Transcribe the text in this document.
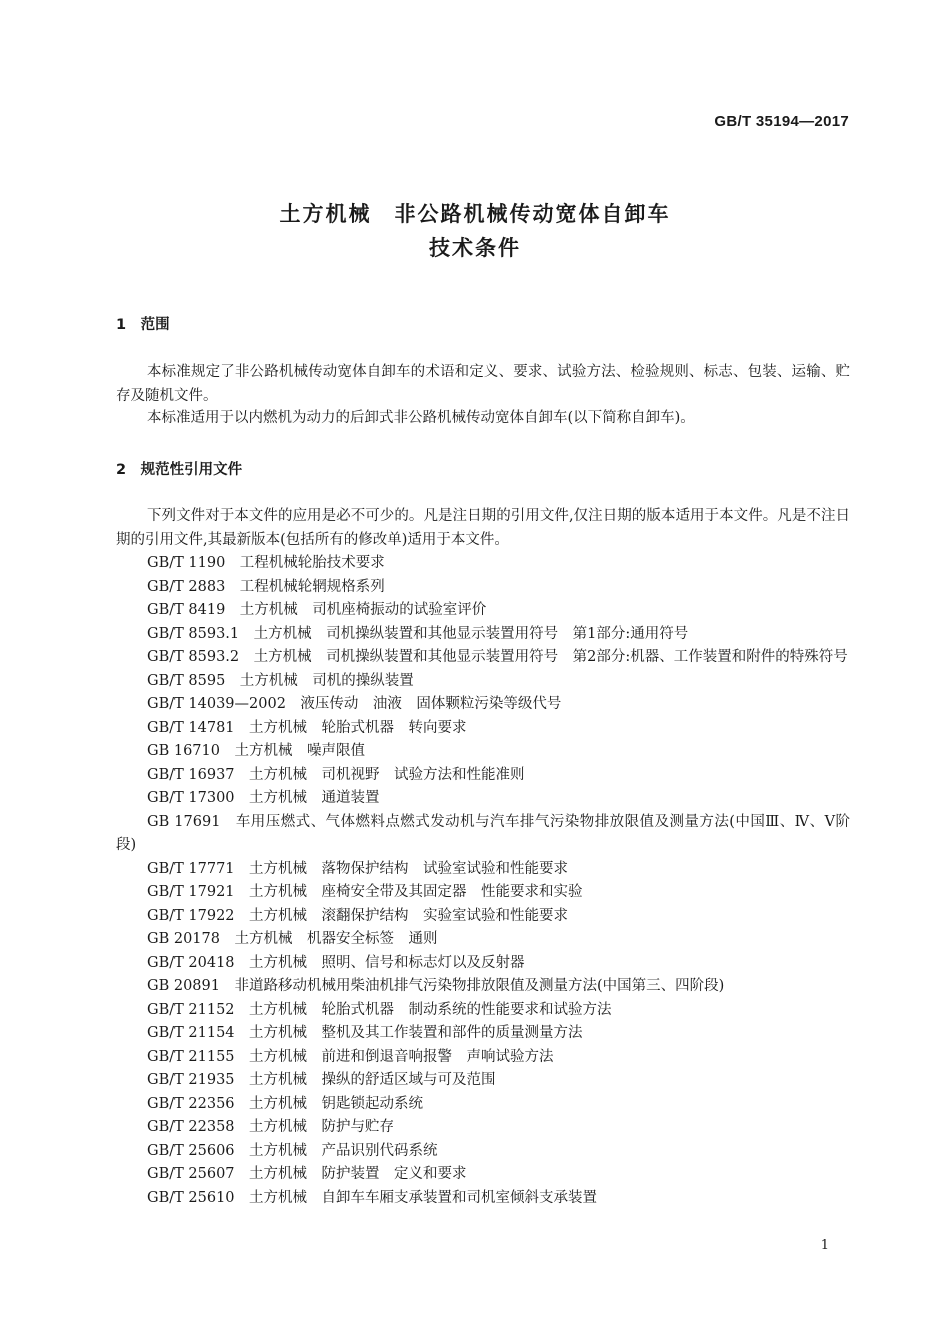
GB/T 35194—2017
土方机械　非公路机械传动宽体自卸车
技术条件
1　范围

本标准规定了非公路机械传动宽体自卸车的术语和定义、要求、试验方法、检验规则、标志、包装、运输、贮存及随机文件。

本标准适用于以内燃机为动力的后卸式非公路机械传动宽体自卸车(以下简称自卸车)。

2　规范性引用文件

下列文件对于本文件的应用是必不可少的。凡是注日期的引用文件,仅注日期的版本适用于本文件。凡是不注日期的引用文件,其最新版本(包括所有的修改单)适用于本文件。

GB/T 1190　工程机械轮胎技术要求

GB/T 2883　工程机械轮辋规格系列

GB/T 8419　土方机械　司机座椅振动的试验室评价

GB/T 8593.1　土方机械　司机操纵装置和其他显示装置用符号　第1部分:通用符号

GB/T 8593.2　土方机械　司机操纵装置和其他显示装置用符号　第2部分:机器、工作装置和附件的特殊符号

GB/T 8595　土方机械　司机的操纵装置

GB/T 14039—2002　液压传动　油液　固体颗粒污染等级代号

GB/T 14781　土方机械　轮胎式机器　转向要求

GB 16710　土方机械　噪声限值

GB/T 16937　土方机械　司机视野　试验方法和性能准则

GB/T 17300　土方机械　通道装置

GB 17691　车用压燃式、气体燃料点燃式发动机与汽车排气污染物排放限值及测量方法(中国Ⅲ、Ⅳ、Ⅴ阶段)

GB/T 17771　土方机械　落物保护结构　试验室试验和性能要求

GB/T 17921　土方机械　座椅安全带及其固定器　性能要求和实验

GB/T 17922　土方机械　滚翻保护结构　实验室试验和性能要求

GB 20178　土方机械　机器安全标签　通则

GB/T 20418　土方机械　照明、信号和标志灯以及反射器

GB 20891　非道路移动机械用柴油机排气污染物排放限值及测量方法(中国第三、四阶段)

GB/T 21152　土方机械　轮胎式机器　制动系统的性能要求和试验方法

GB/T 21154　土方机械　整机及其工作装置和部件的质量测量方法

GB/T 21155　土方机械　前进和倒退音响报警　声响试验方法

GB/T 21935　土方机械　操纵的舒适区域与可及范围

GB/T 22356　土方机械　钥匙锁起动系统

GB/T 22358　土方机械　防护与贮存

GB/T 25606　土方机械　产品识别代码系统

GB/T 25607　土方机械　防护装置　定义和要求

GB/T 25610　土方机械　自卸车车厢支承装置和司机室倾斜支承装置

1
